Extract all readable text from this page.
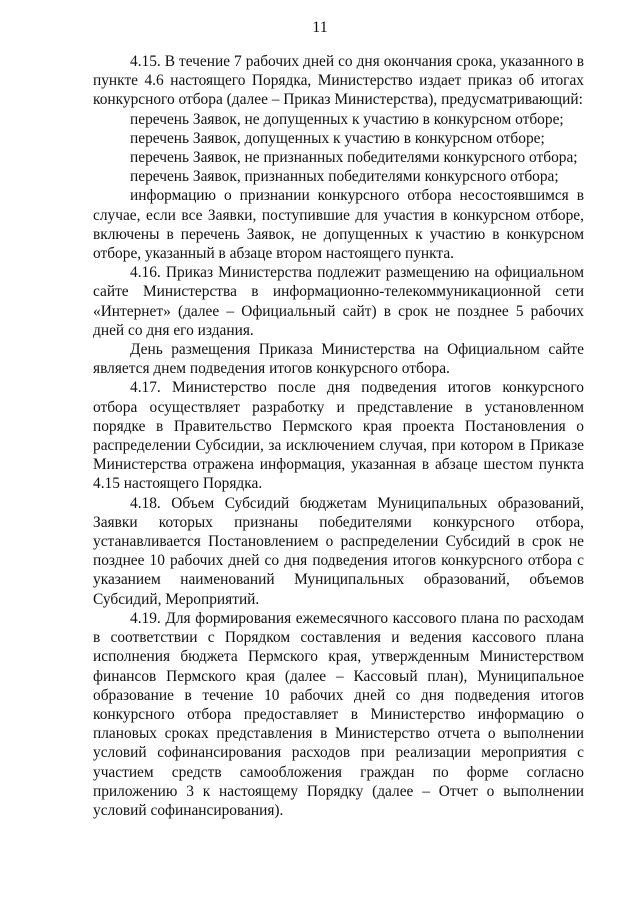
11

4.15. В течение 7 рабочих дней со дня окончания срока, указанного в пункте 4.6 настоящего Порядка, Министерство издает приказ об итогах конкурсного отбора (далее – Приказ Министерства), предусматривающий:

перечень Заявок, не допущенных к участию в конкурсном отборе;

перечень Заявок, допущенных к участию в конкурсном отборе;

перечень Заявок, не признанных победителями конкурсного отбора;

перечень Заявок, признанных победителями конкурсного отбора;

информацию о признании конкурсного отбора несостоявшимся в случае, если все Заявки, поступившие для участия в конкурсном отборе, включены в перечень Заявок, не допущенных к участию в конкурсном отборе, указанный в абзаце втором настоящего пункта.

4.16. Приказ Министерства подлежит размещению на официальном сайте Министерства в информационно-телекоммуникационной сети «Интернет» (далее – Официальный сайт) в срок не позднее 5 рабочих дней со дня его издания.

День размещения Приказа Министерства на Официальном сайте является днем подведения итогов конкурсного отбора.

4.17. Министерство после дня подведения итогов конкурсного отбора осуществляет разработку и представление в установленном порядке в Правительство Пермского края проекта Постановления о распределении Субсидии, за исключением случая, при котором в Приказе Министерства отражена информация, указанная в абзаце шестом пункта 4.15 настоящего Порядка.

4.18. Объем Субсидий бюджетам Муниципальных образований, Заявки которых признаны победителями конкурсного отбора, устанавливается Постановлением о распределении Субсидий в срок не позднее 10 рабочих дней со дня подведения итогов конкурсного отбора с указанием наименований Муниципальных образований, объемов Субсидий, Мероприятий.

4.19. Для формирования ежемесячного кассового плана по расходам в соответствии с Порядком составления и ведения кассового плана исполнения бюджета Пермского края, утвержденным Министерством финансов Пермского края (далее – Кассовый план), Муниципальное образование в течение 10 рабочих дней со дня подведения итогов конкурсного отбора предоставляет в Министерство информацию о плановых сроках представления в Министерство отчета о выполнении условий софинансирования расходов при реализации мероприятия с участием средств самообложения граждан по форме согласно приложению 3 к настоящему Порядку (далее – Отчет о выполнении условий софинансирования).
